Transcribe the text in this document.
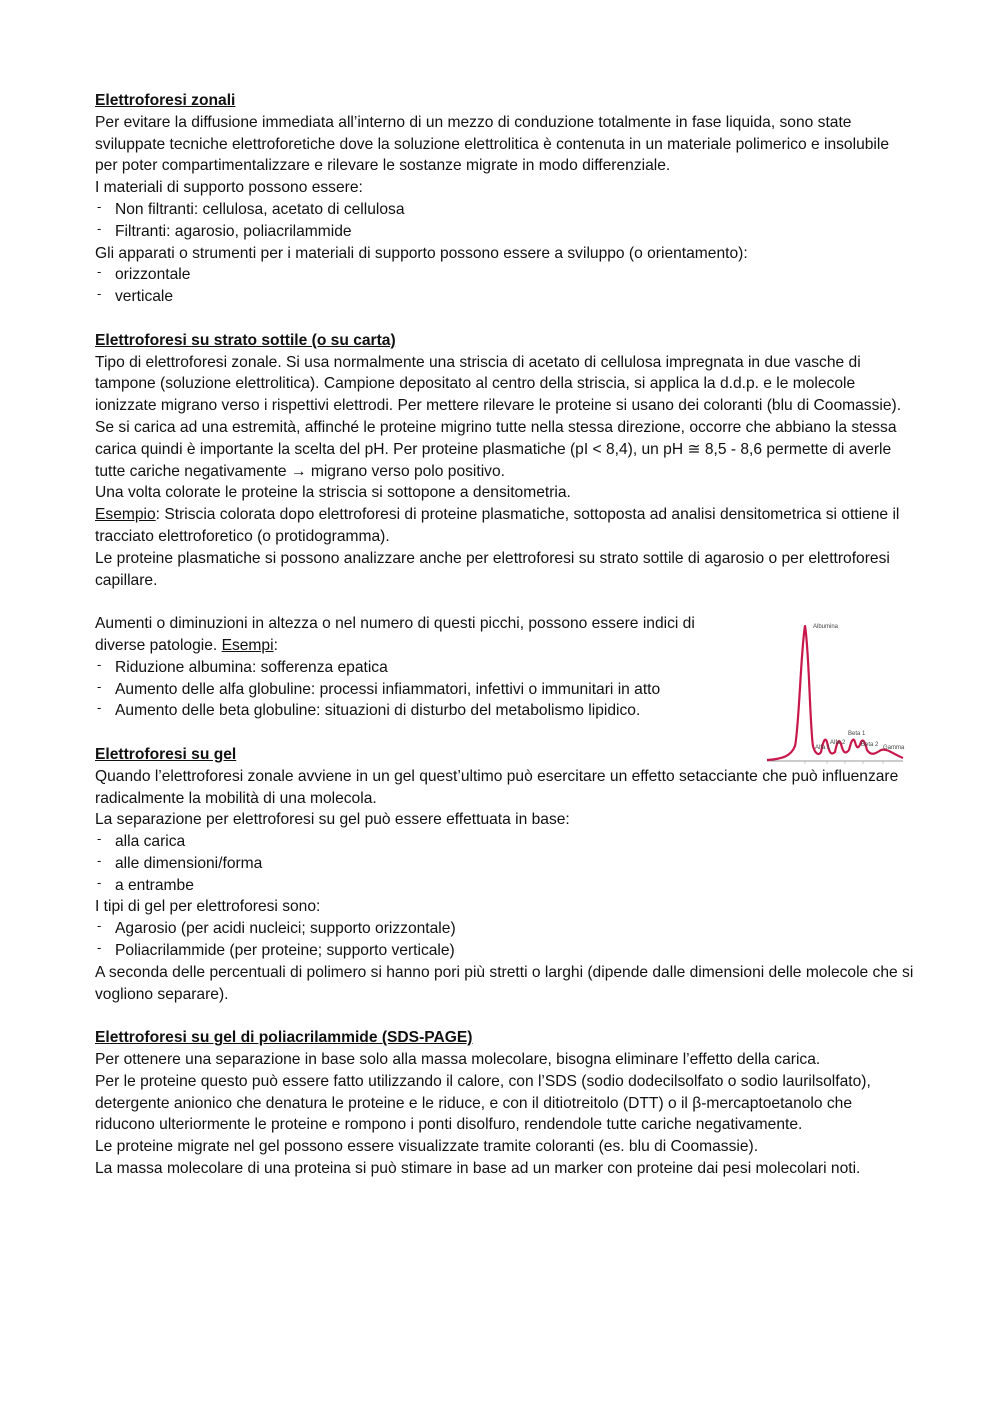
Elettroforesi zonali

Per evitare la diffusione immediata all’interno di un mezzo di conduzione totalmente in fase liquida, sono state sviluppate tecniche elettroforetiche dove la soluzione elettrolitica è contenuta in un materiale polimerico e insolubile per poter compartimentalizzare e rilevare le sostanze migrate in modo differenziale.

I materiali di supporto possono essere:

- Non filtranti: cellulosa, acetato di cellulosa
- Filtranti: agarosio, poliacrilammide

Gli apparati o strumenti per i materiali di supporto possono essere a sviluppo (o orientamento):

- orizzontale
- verticale

Elettroforesi su strato sottile (o su carta)

Tipo di elettroforesi zonale. Si usa normalmente una striscia di acetato di cellulosa impregnata in due vasche di tampone (soluzione elettrolitica). Campione depositato al centro della striscia, si applica la d.d.p. e le molecole ionizzate migrano verso i rispettivi elettrodi. Per mettere rilevare le proteine si usano dei coloranti (blu di Coomassie).

Se si carica ad una estremità, affinché le proteine migrino tutte nella stessa direzione, occorre che abbiano la stessa carica quindi è importante la scelta del pH. Per proteine plasmatiche (pI < 8,4), un pH ≅ 8,5 - 8,6 permette di averle tutte cariche negativamente → migrano verso polo positivo.

Una volta colorate le proteine la striscia si sottopone a densitometria.

Esempio: Striscia colorata dopo elettroforesi di proteine plasmatiche, sottoposta ad analisi densitometrica si ottiene il tracciato elettroforetico (o protidogramma).

Le proteine plasmatiche si possono analizzare anche per elettroforesi su strato sottile di agarosio o per elettroforesi capillare.

Aumenti o diminuzioni in altezza o nel numero di questi picchi, possono essere indici di diverse patologie. Esempi:

- Riduzione albumina: sofferenza epatica
- Aumento delle alfa globuline: processi infiammatori, infettivi o immunitari in atto
- Aumento delle beta globuline: situazioni di disturbo del metabolismo lipidico.

Elettroforesi su gel

Quando l’elettroforesi zonale avviene in un gel quest’ultimo può esercitare un effetto setacciante che può influenzare radicalmente la mobilità di una molecola.

La separazione per elettroforesi su gel può essere effettuata in base:

- alla carica
- alle dimensioni/forma
- a entrambe

I tipi di gel per elettroforesi sono:

- Agarosio (per acidi nucleici; supporto orizzontale)
- Poliacrilammide (per proteine; supporto verticale)

A seconda delle percentuali di polimero si hanno pori più stretti o larghi (dipende dalle dimensioni delle molecole che si vogliono separare).

Elettroforesi su gel di poliacrilammide (SDS-PAGE)

Per ottenere una separazione in base solo alla massa molecolare, bisogna eliminare l’effetto della carica.

Per le proteine questo può essere fatto utilizzando il calore, con l’SDS (sodio dodecilsolfato o sodio laurilsolfato), detergente anionico che denatura le proteine e le riduce, e con il ditiotreitolo (DTT) o il β-mercaptoetanolo che riducono ulteriormente le proteine e rompono i ponti disolfuro, rendendole tutte cariche negativamente.

Le proteine migrate nel gel possono essere visualizzate tramite coloranti (es. blu di Coomassie).

La massa molecolare di una proteina si può stimare in base ad un marker con proteine dai pesi molecolari noti.

Albumina
Alfa 1
Alfa 2
Beta 1
Beta 2 Gamma
